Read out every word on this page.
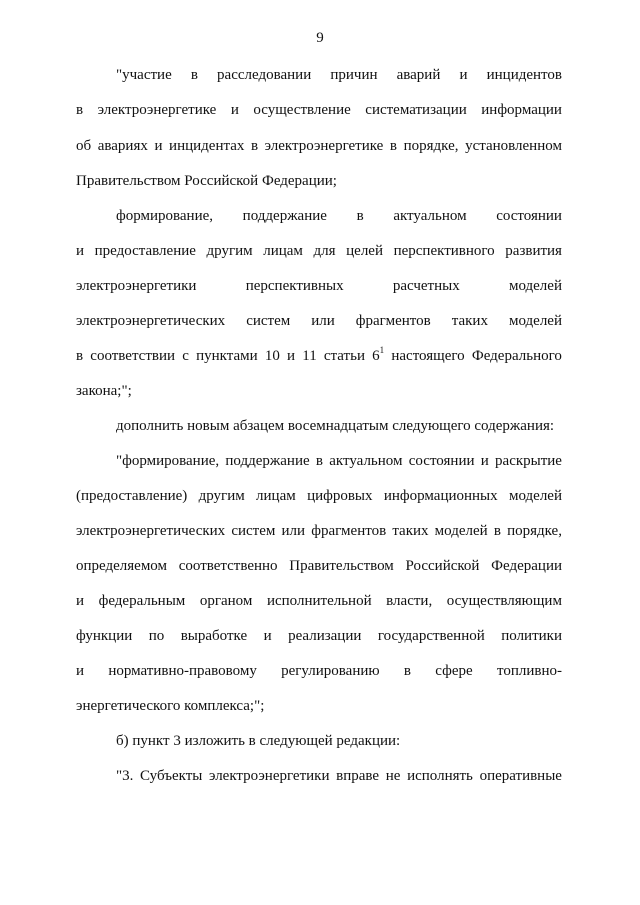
9
"участие в расследовании причин аварий и инцидентов
в электроэнергетике и осуществление систематизации информации
об авариях и инцидентах в электроэнергетике в порядке, установленном
Правительством Российской Федерации;
формирование, поддержание в актуальном состоянии
и предоставление другим лицам для целей перспективного развития
электроэнергетики	перспективных	расчетных	моделей
электроэнергетических систем или фрагментов таких моделей
в соответствии с пунктами 10 и 11 статьи $6^1$ настоящего Федерального
закона;";
дополнить новым абзацем восемнадцатым следующего содержания:
"формирование, поддержание в актуальном состоянии и раскрытие
(предоставление) другим лицам цифровых информационных моделей
электроэнергетических систем или фрагментов таких моделей в порядке,
определяемом соответственно Правительством Российской Федерации
и федеральным органом исполнительной власти, осуществляющим
функции по выработке и реализации государственной политики
и нормативно-правовому регулированию в сфере топливно-
энергетического комплекса;";
б) пункт 3 изложить в следующей редакции:
"3. Субъекты электроэнергетики вправе не исполнять оперативные
